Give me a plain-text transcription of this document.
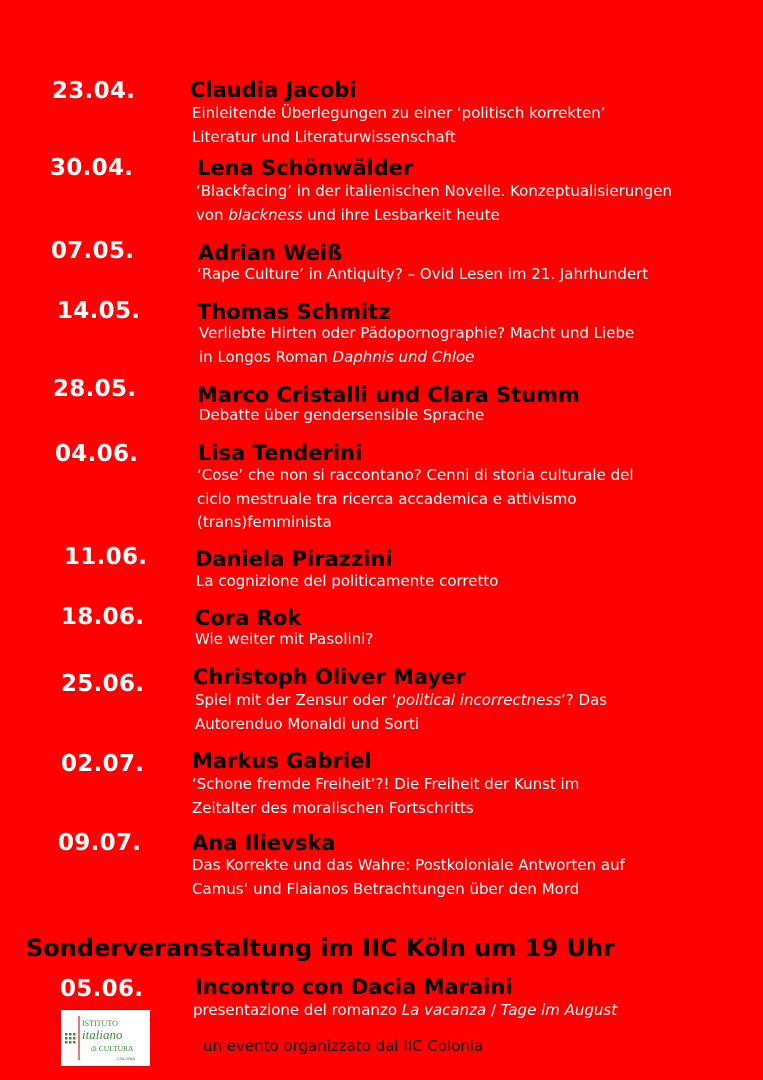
23.04.	Claudia Jacobi
Einleitende Überlegungen zu einer ‘politisch korrekten’
Literatur und Literaturwissenschaft
30.04.	Lena Schönwälder
‘Blackfacing’ in der italienischen Novelle. Konzeptualisierungen
von blackness und ihre Lesbarkeit heute
07.05.	Adrian Weiß
‘Rape Culture’ in Antiquity? – Ovid Lesen im 21. Jahrhundert
14.05.	Thomas Schmitz
Verliebte Hirten oder Pädopornographie? Macht und Liebe
in Longos Roman Daphnis und Chloe
28.05.	Marco Cristalli und Clara Stumm
Debatte über gendersensible Sprache
04.06.	Lisa Tenderini
‘Cose’ che non si raccontano? Cenni di storia culturale del
ciclo mestruale tra ricerca accademica e attivismo
(trans)femminista
11.06. Daniela Pirazzini
La cognizione del politicamente corretto
18.06. Cora Rok
Wie weiter mit Pasolini?
25.06. Christoph Oliver Mayer
Spiel mit der Zensur oder ‘political incorrectness’? Das
Autorenduo Monaldi und Sorti
02.07. Markus Gabriel
‘Schone fremde Freiheit’?! Die Freiheit der Kunst im
Zeitalter des moralischen Fortschritts
09.07. Ana Ilievska
Das Korrekte und das Wahre: Postkoloniale Antworten auf
Camus‘ und Flaianos Betrachtungen über den Mord
Sonderveranstaltung im IIC Köln um 19 Uhr
05.06. Incontro con Dacia Maraini
presentazione del romanzo La vacanza / Tage im August
ISTITUTO
italiano
di CULTURA
COLONIA
un evento organizzato dal IIC Colonia
